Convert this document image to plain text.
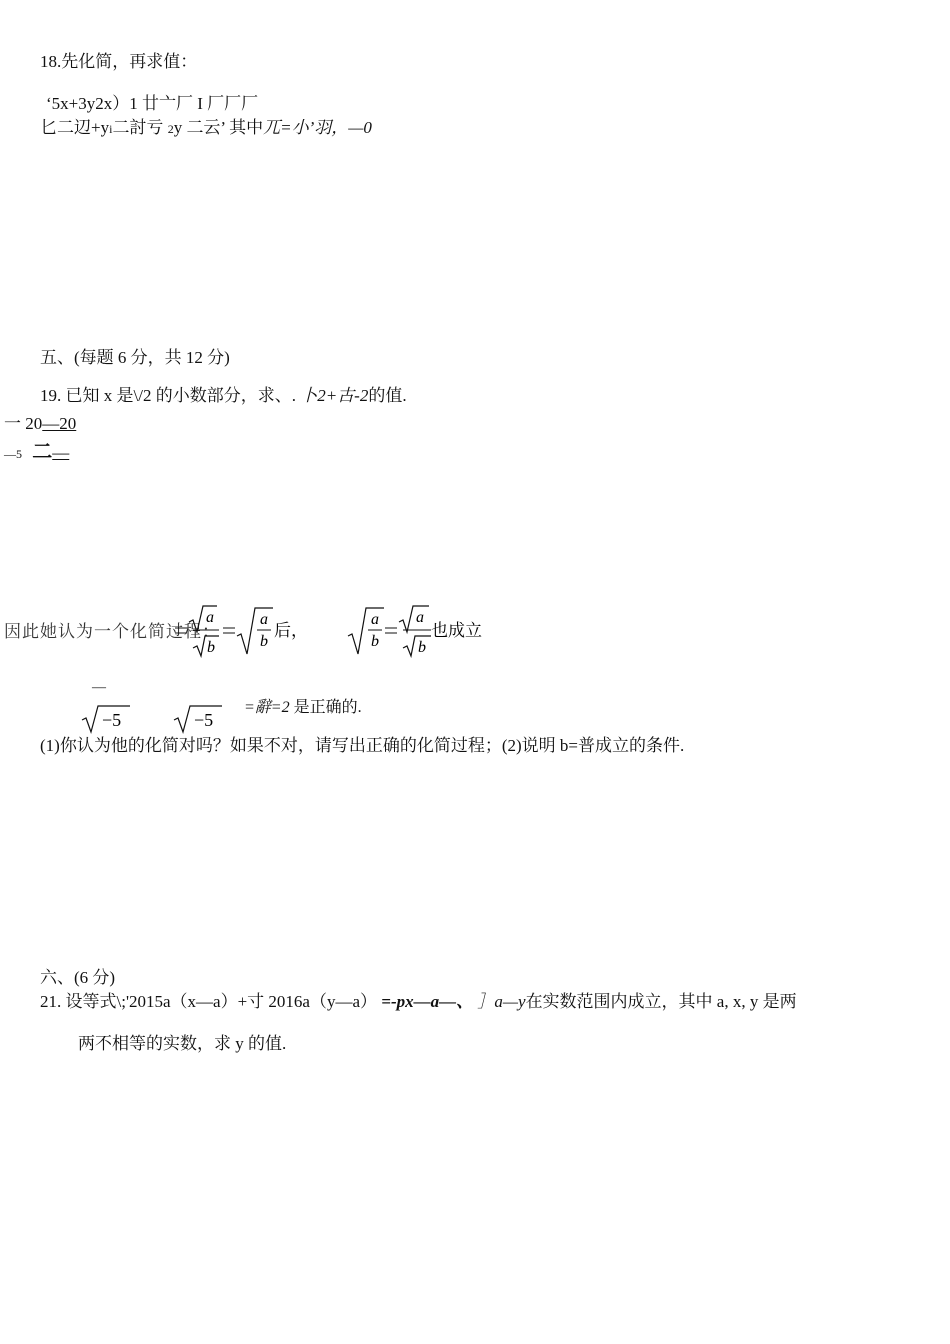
18.先化简，再求值：
‘5x+3y2x）1 廿亠厂 I 厂厂厂
匕二辺+yi二討亏 2y 二云’ 其中兀=小’羽，—0
五、(每题 6 分，共 12 分)
19. 已知 x 是\/2 的小数部分，求、. 卜2+古-2的值.
一 20—20
—5 二—
因此她认为一个化简过程：
a
b
a
b
后，
a
b
a
b
也成立
—
−5	−5
=辭=2 是正确的.
(1)你认为他的化简对吗？如果不对，请写出正确的化简过程；(2)说明 b=普成立的条件.
六、(6 分)
21. 设等式\;'2015a（x—a）+寸 2016a（y—a） =-px—a—、 ］a—y在实数范围内成立，其中 a, x, y 是两
两不相等的实数，求 y 的值.
